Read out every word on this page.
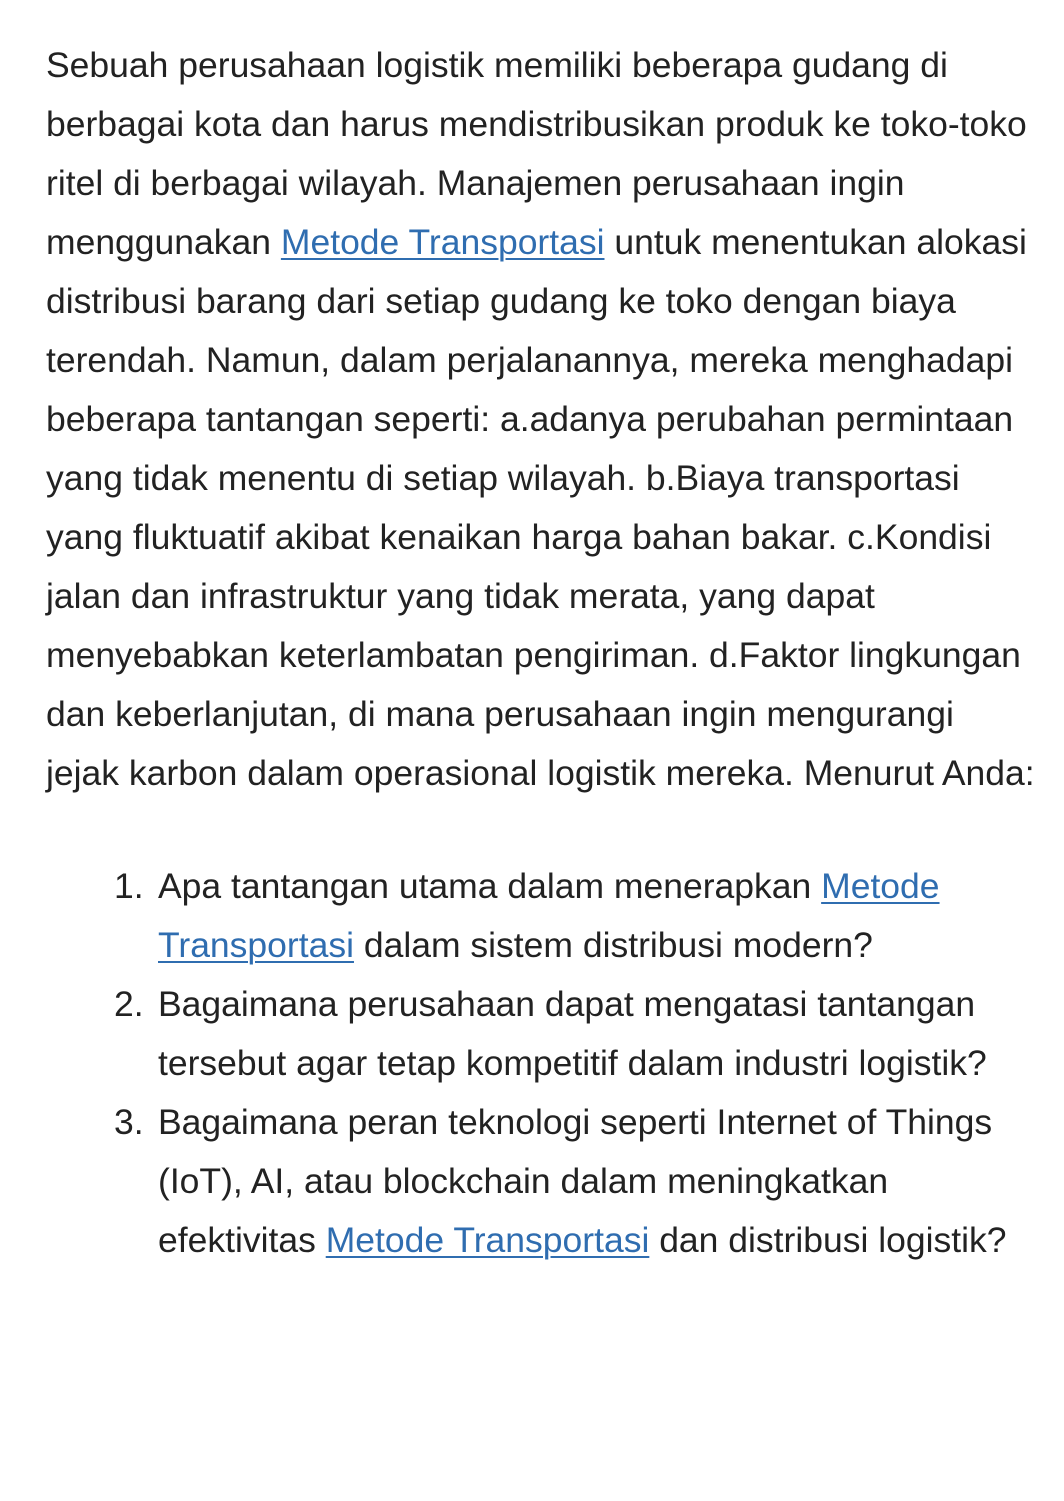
Sebuah perusahaan logistik memiliki beberapa gudang di berbagai kota dan harus mendistribusikan produk ke toko-toko ritel di berbagai wilayah. Manajemen perusahaan ingin menggunakan Metode Transportasi untuk menentukan alokasi distribusi barang dari setiap gudang ke toko dengan biaya terendah. Namun, dalam perjalanannya, mereka menghadapi beberapa tantangan seperti: a.adanya perubahan permintaan yang tidak menentu di setiap wilayah. b.Biaya transportasi yang fluktuatif akibat kenaikan harga bahan bakar. c.Kondisi jalan dan infrastruktur yang tidak merata, yang dapat menyebabkan keterlambatan pengiriman. d.Faktor lingkungan dan keberlanjutan, di mana perusahaan ingin mengurangi jejak karbon dalam operasional logistik mereka. Menurut Anda:

Apa tantangan utama dalam menerapkan Metode Transportasi dalam sistem distribusi modern?
Bagaimana perusahaan dapat mengatasi tantangan tersebut agar tetap kompetitif dalam industri logistik?
Bagaimana peran teknologi seperti Internet of Things (IoT), AI, atau blockchain dalam meningkatkan efektivitas Metode Transportasi dan distribusi logistik?
